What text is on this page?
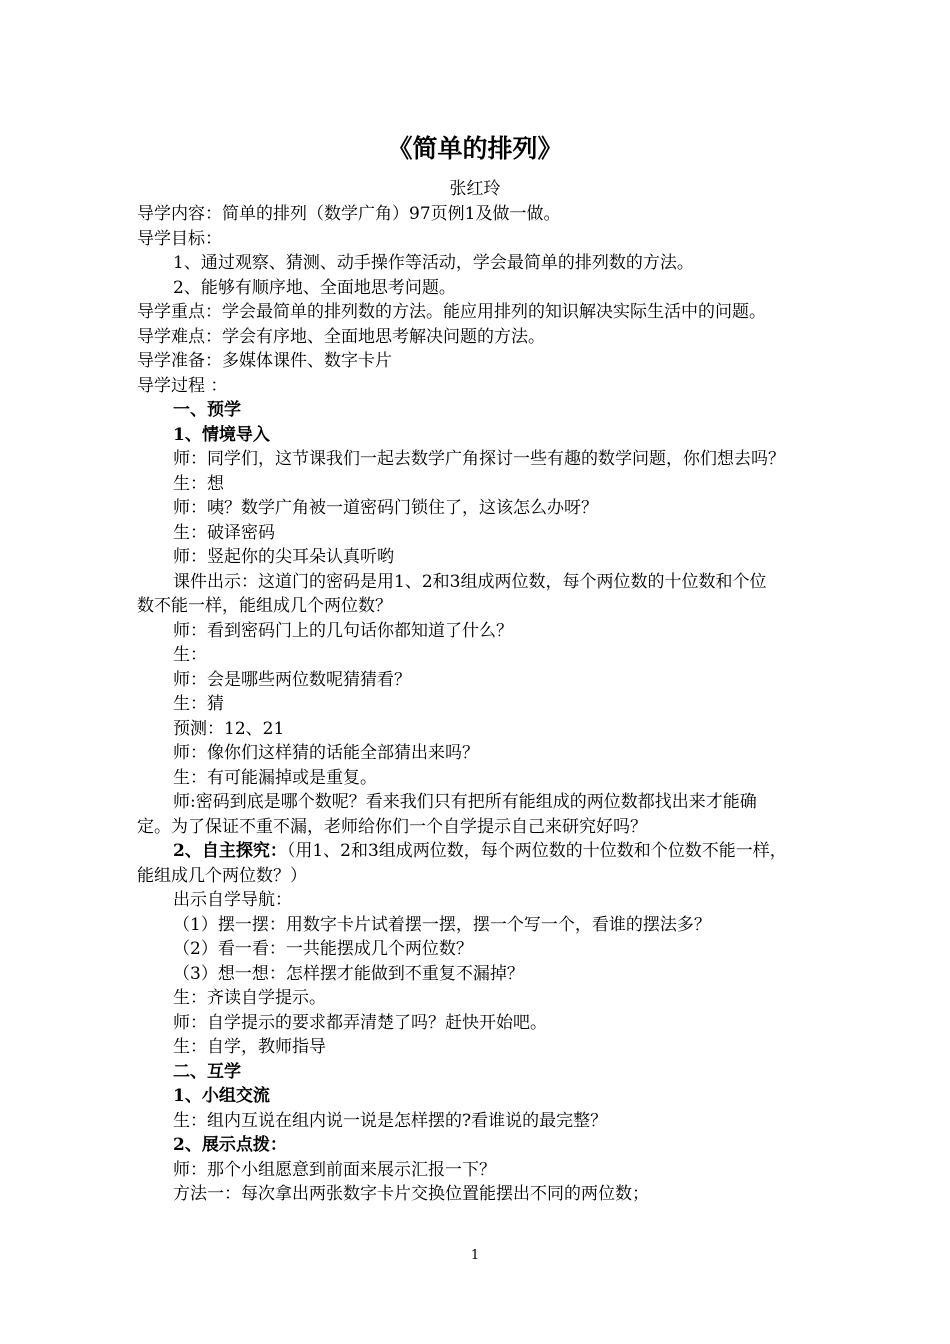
《简单的排列》
张红玲
导学内容：简单的排列（数学广角）97页例1及做一做。
导学目标：
1、通过观察、猜测、动手操作等活动，学会最简单的排列数的方法。
2、能够有顺序地、全面地思考问题。
导学重点：学会最简单的排列数的方法。能应用排列的知识解决实际生活中的问题。
导学难点：学会有序地、全面地思考解决问题的方法。
导学准备：多媒体课件、数字卡片
导学过程 ：
一、预学
1、情境导入
师：同学们，这节课我们一起去数学广角探讨一些有趣的数学问题，你们想去吗？
生：想
师：咦？数学广角被一道密码门锁住了，这该怎么办呀？
生：破译密码
师：竖起你的尖耳朵认真听哟
课件出示：这道门的密码是用1、2和3组成两位数，每个两位数的十位数和个位
数不能一样，能组成几个两位数？
师：看到密码门上的几句话你都知道了什么？
生：
师：会是哪些两位数呢猜猜看？
生：猜
预测：12、21
师：像你们这样猜的话能全部猜出来吗？
生：有可能漏掉或是重复。
师:密码到底是哪个数呢？看来我们只有把所有能组成的两位数都找出来才能确
定。为了保证不重不漏，老师给你们一个自学提示自己来研究好吗？
2、自主探究：（用1、2和3组成两位数，每个两位数的十位数和个位数不能一样，
能组成几个两位数？）
出示自学导航：
（1）摆一摆：用数字卡片试着摆一摆，摆一个写一个，看谁的摆法多？
（2）看一看：一共能摆成几个两位数？
（3）想一想：怎样摆才能做到不重复不漏掉？
生：齐读自学提示。
师：自学提示的要求都弄清楚了吗？赶快开始吧。
生：自学，教师指导
二、互学
1、小组交流
生：组内互说在组内说一说是怎样摆的?看谁说的最完整？
2、展示点拨：
师：那个小组愿意到前面来展示汇报一下？
方法一：每次拿出两张数字卡片交换位置能摆出不同的两位数；
1
